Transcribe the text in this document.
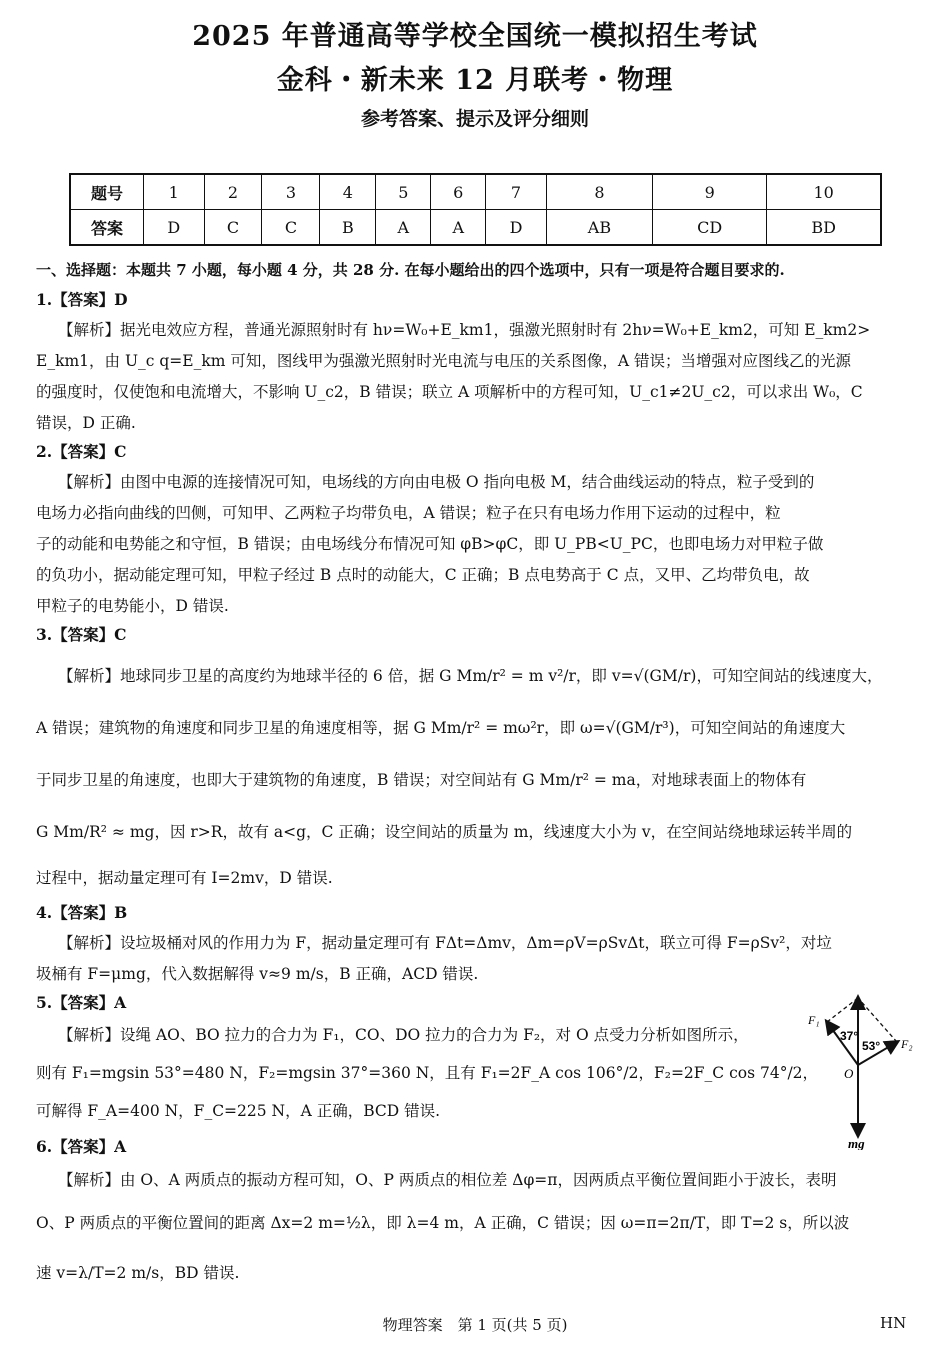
2025 年普通高等学校全国统一模拟招生考试
金科・新未来 12 月联考・物理
参考答案、提示及评分细则
题号	1	2	3	4	5	6	7	8	9	10
答案	D	C	C	B	A	A	D	AB	CD	BD
一、选择题：本题共 7 小题，每小题 4 分，共 28 分. 在每小题给出的四个选项中，只有一项是符合题目要求的.
1.【答案】D
【解析】据光电效应方程，普通光源照射时有 hν=W₀+E_km1，强激光照射时有 2hν=W₀+E_km2，可知 E_km2>
E_km1，由 U_c q=E_km 可知，图线甲为强激光照射时光电流与电压的关系图像，A 错误；当增强对应图线乙的光源
的强度时，仅使饱和电流增大，不影响 U_c2，B 错误；联立 A 项解析中的方程可知，U_c1≠2U_c2，可以求出 W₀，C
错误，D 正确.
2.【答案】C
【解析】由图中电源的连接情况可知，电场线的方向由电极 O 指向电极 M，结合曲线运动的特点，粒子受到的
电场力必指向曲线的凹侧，可知甲、乙两粒子均带负电，A 错误；粒子在只有电场力作用下运动的过程中，粒
子的动能和电势能之和守恒，B 错误；由电场线分布情况可知 φB>φC，即 U_PB<U_PC，也即电场力对甲粒子做
的负功小，据动能定理可知，甲粒子经过 B 点时的动能大，C 正确；B 点电势高于 C 点，又甲、乙均带负电，故
甲粒子的电势能小，D 错误.
3.【答案】C
【解析】地球同步卫星的高度约为地球半径的 6 倍，据 G Mm/r² = m v²/r，即 v=√(GM/r)，可知空间站的线速度大，
A 错误；建筑物的角速度和同步卫星的角速度相等，据 G Mm/r² = mω²r，即 ω=√(GM/r³)，可知空间站的角速度大
于同步卫星的角速度，也即大于建筑物的角速度，B 错误；对空间站有 G Mm/r² = ma，对地球表面上的物体有
G Mm/R² ≈ mg，因 r>R，故有 a<g，C 正确；设空间站的质量为 m，线速度大小为 v，在空间站绕地球运转半周的
过程中，据动量定理可有 I=2mv，D 错误.
4.【答案】B
【解析】设垃圾桶对风的作用力为 F，据动量定理可有 FΔt=Δmv，Δm=ρV=ρSvΔt，联立可得 F=ρSv²，对垃
圾桶有 F=μmg，代入数据解得 v≈9 m/s，B 正确，ACD 错误.
5.【答案】A
【解析】设绳 AO、BO 拉力的合力为 F₁，CO、DO 拉力的合力为 F₂，对 O 点受力分析如图所示，
则有 F₁=mgsin 53°=480 N，F₂=mgsin 37°=360 N，且有 F₁=2F_A cos 106°/2，F₂=2F_C cos 74°/2，
可解得 F_A=400 N，F_C=225 N，A 正确，BCD 错误.
F₁
F₂
37°
53°
O
mg
6.【答案】A
【解析】由 O、A 两质点的振动方程可知，O、P 两质点的相位差 Δφ=π，因两质点平衡位置间距小于波长，表明
O、P 两质点的平衡位置间的距离 Δx=2 m=½λ，即 λ=4 m，A 正确，C 错误；因 ω=π=2π/T，即 T=2 s，所以波
速 v=λ/T=2 m/s，BD 错误.
物理答案　第 1 页(共 5 页)	HN
